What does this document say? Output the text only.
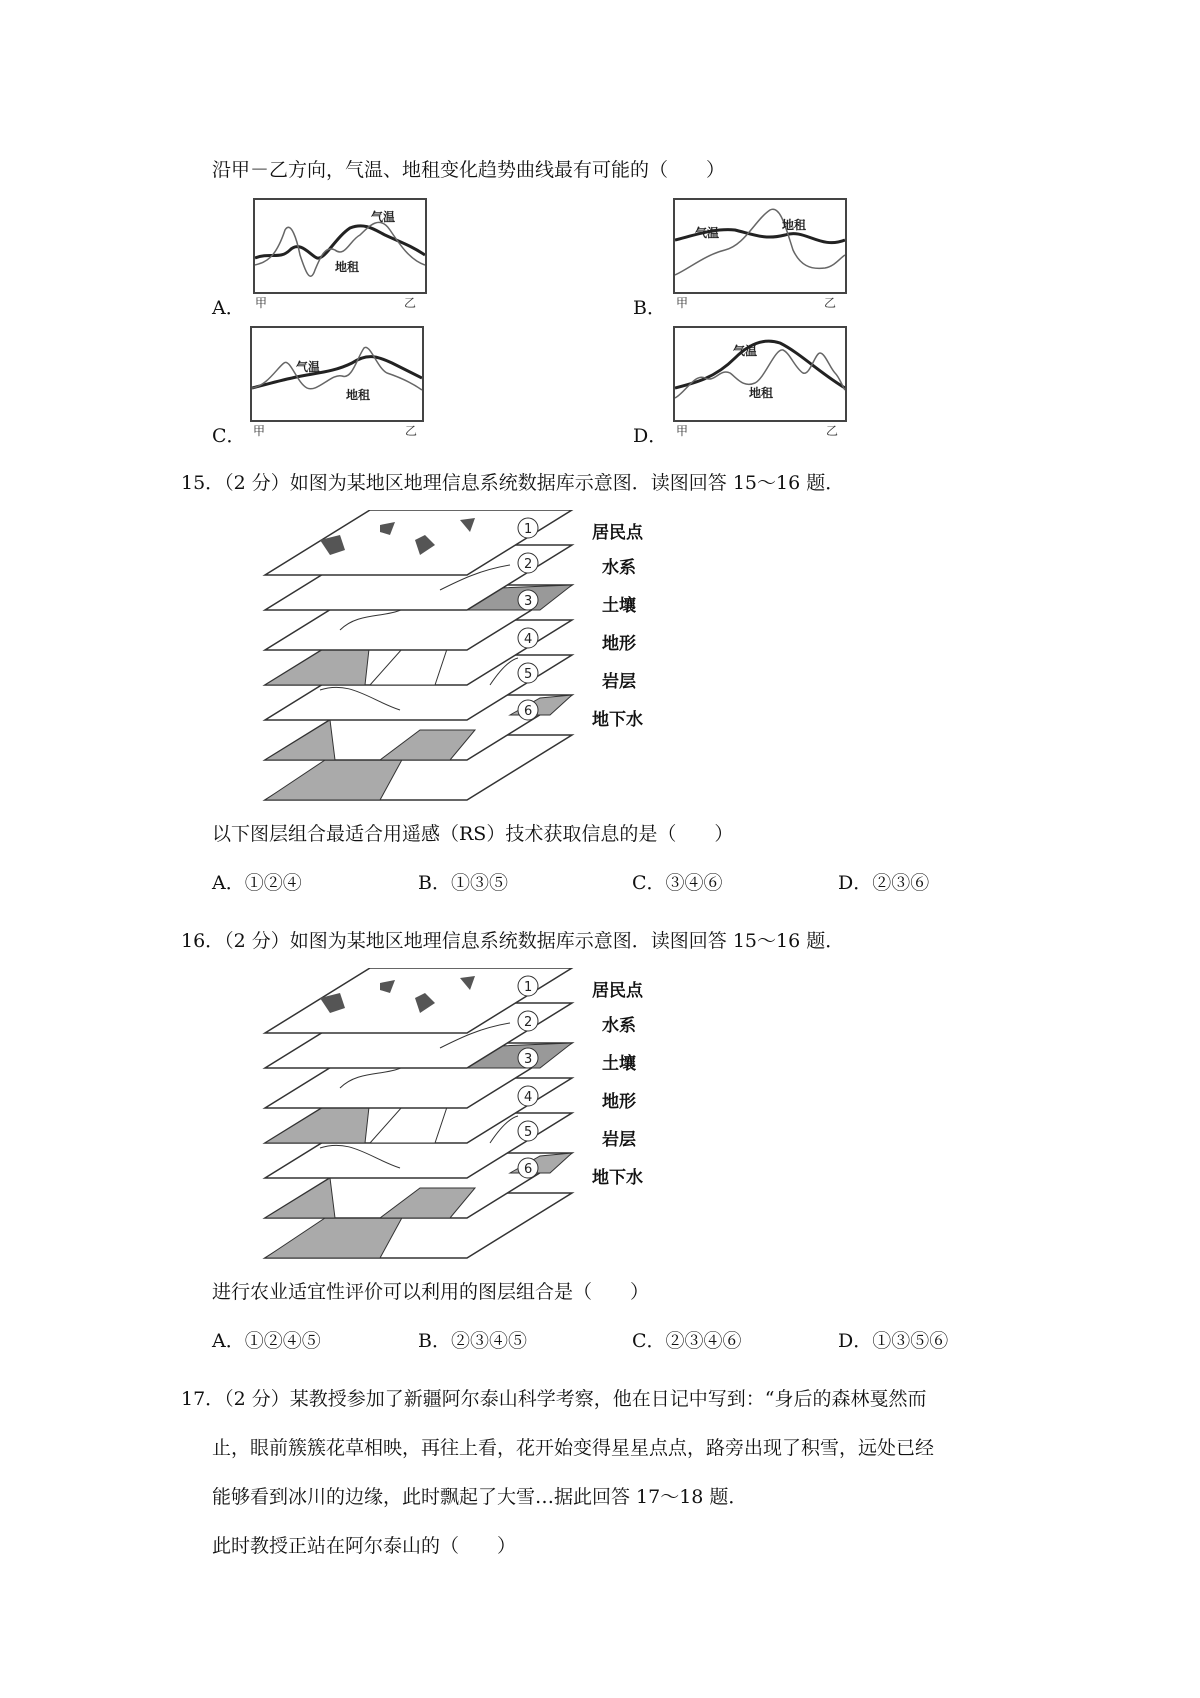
沿甲－乙方向，气温、地租变化趋势曲线最有可能的（　　）
A．
气温
地租
甲	乙	B．
气温
地租
甲	乙
C．
气温
地租
甲	乙	D．
气温
地租
甲	乙
15．（2 分）如图为某地区地理信息系统数据库示意图．读图回答 15～16 题．
1
2
3
4
5
6
居民点
水系
土壤
地形
岩层
地下水
以下图层组合最适合用遥感（RS）技术获取信息的是（　　）
A．①②④	B．①③⑤	C．③④⑥	D．②③⑥
16．（2 分）如图为某地区地理信息系统数据库示意图．读图回答 15～16 题．
1
2
3
4
5
6
居民点
水系
土壤
地形
岩层
地下水
进行农业适宜性评价可以利用的图层组合是（　　）
A．①②④⑤	B．②③④⑤	C．②③④⑥	D．①③⑤⑥
17．（2 分）某教授参加了新疆阿尔泰山科学考察，他在日记中写到：“身后的森林戛然而
止，眼前簇簇花草相映，再往上看，花开始变得星星点点，路旁出现了积雪，远处已经
能够看到冰川的边缘，此时飘起了大雪…据此回答 17～18 题．
此时教授正站在阿尔泰山的（　　）
